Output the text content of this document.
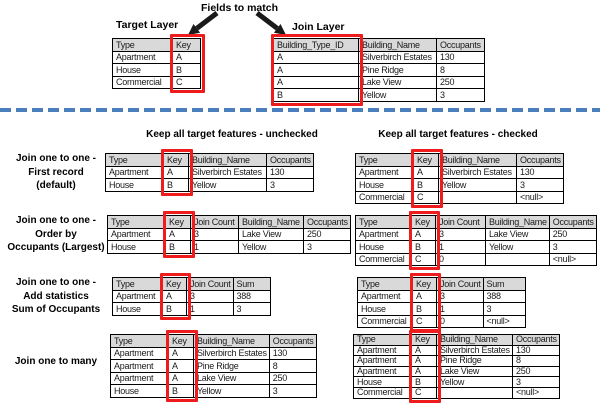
Fields to match
Target Layer	Join Layer
Type	Key
Apartment	A
House	B
Commercial	C
Building_Type_ID	Building_Name	Occupants
A	Silverbirch Estates	130
A	Pine Ridge	8
A	Lake View	250
B	Yellow	3
Keep all target features - unchecked	Keep all target features - checked
Join one to one -
First record
(default)
Type	Key	Building_Name	Occupants
Apartment	A	Silverbirch Estates	130
House	B	Yellow	3
Type	Key	Building_Name	Occupants
Apartment	A	Silverbirch Estates	130
House	B	Yellow	3
Commercial	C		<null>
Join one to one -
Order by
Occupants (Largest)
Type	Key	Join Count	Building_Name	Occupants
Apartment	A	3	Lake View	250
House	B	1	Yellow	3
Type	Key	Join Count	Building_Name	Occupants
Apartment	A	3	Lake View	250
House	B	1	Yellow	3
Commercial	C	0		<null>
Join one to one -
Add statistics
Sum of Occupants
Type	Key	Join Count	Sum
Apartment	A	3	388
House	B	1	3
Type	Key	Join Count	Sum
Apartment	A	3	388
House	B	1	3
Commercial	C	0	<null>
Join one to many
Type	Key	Building_Name	Occupants
Apartment	A	Silverbirch Estates	130
Apartment	A	Pine Ridge	8
Apartment	A	Lake View	250
House	B	Yellow	3
Type	Key	Building_Name	Occupants
Apartment	A	Silverbirch Estates	130
Apartment	A	Pine Ridge	8
Apartment	A	Lake View	250
House	B	Yellow	3
Commercial	C		<null>
